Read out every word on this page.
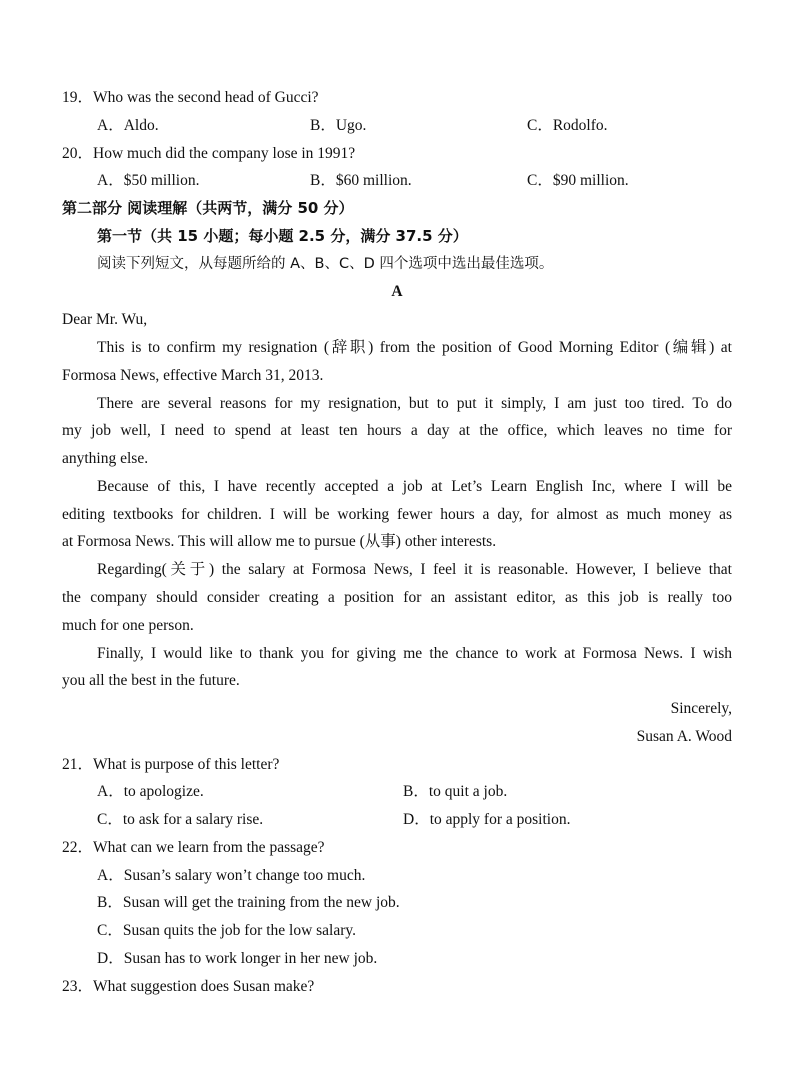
19．Who was the second head of Gucci?
A．Aldo.	B．Ugo.	C．Rodolfo.
20．How much did the company lose in 1991?
A．$50 million.	B．$60 million.	C．$90 million.
第二部分 阅读理解（共两节，满分 50 分）
第一节（共 15 小题；每小题 2.5 分，满分 37.5 分）
阅读下列短文，从每题所给的 A、B、C、D 四个选项中选出最佳选项。
A
Dear Mr. Wu,
This is to confirm my resignation (辞职) from the position of Good Morning Editor (编辑) at
Formosa News, effective March 31, 2013.
There are several reasons for my resignation, but to put it simply, I am just too tired. To do
my job well, I need to spend at least ten hours a day at the office, which leaves no time for
anything else.
Because of this, I have recently accepted a job at Let’s Learn English Inc, where I will be
editing textbooks for children. I will be working fewer hours a day, for almost as much money as
at Formosa News. This will allow me to pursue (从事) other interests.
Regarding(关于) the salary at Formosa News, I feel it is reasonable. However, I believe that
the company should consider creating a position for an assistant editor, as this job is really too
much for one person.
Finally, I would like to thank you for giving me the chance to work at Formosa News. I wish
you all the best in the future.
Sincerely,
Susan A. Wood
21．What is purpose of this letter?
A．to apologize.	B．to quit a job.
C．to ask for a salary rise.	D．to apply for a position.
22．What can we learn from the passage?
A．Susan’s salary won’t change too much.
B．Susan will get the training from the new job.
C．Susan quits the job for the low salary.
D．Susan has to work longer in her new job.
23．What suggestion does Susan make?
